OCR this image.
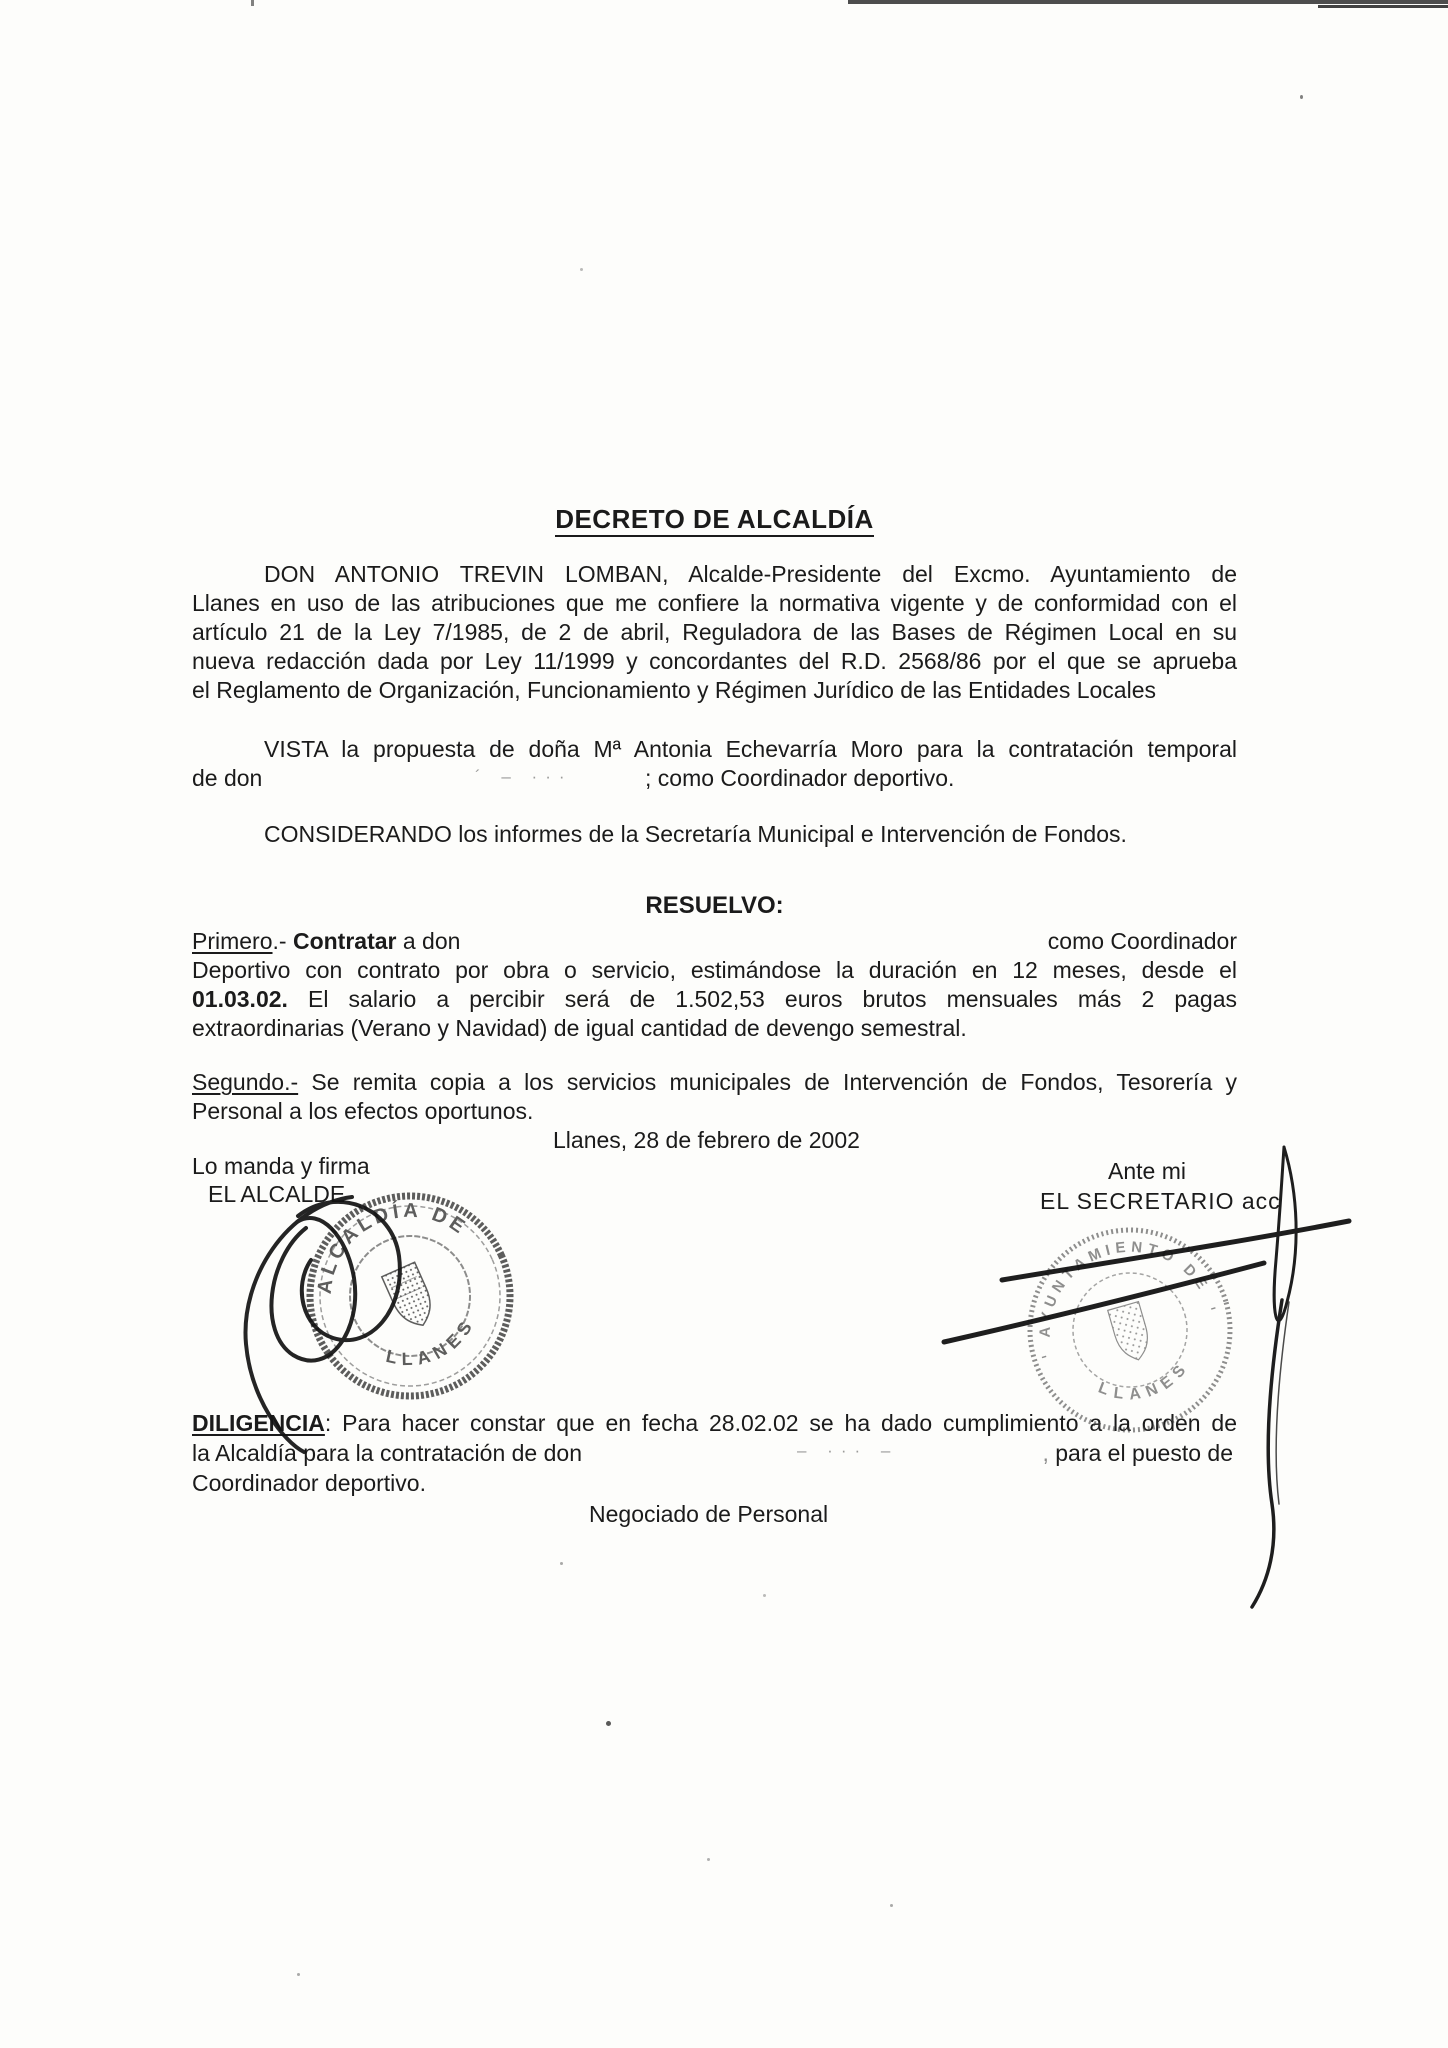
DECRETO DE ALCALDÍA
DON ANTONIO TREVIN LOMBAN, Alcalde-Presidente del Excmo. Ayuntamiento de
Llanes en uso de las atribuciones que me confiere la normativa vigente y de conformidad con el
artículo 21 de la Ley 7/1985, de 2 de abril, Reguladora de las Bases de Régimen Local en su
nueva redacción dada por Ley 11/1999 y concordantes del R.D. 2568/86 por el que se aprueba
el Reglamento de Organización, Funcionamiento y Régimen Jurídico de las Entidades Locales
VISTA la propuesta de doña Mª Antonia Echevarría Moro para la contratación temporal
de don	´ – ···	; como Coordinador deportivo.
CONSIDERANDO los informes de la Secretaría Municipal e Intervención de Fondos.
RESUELVO:
Primero.- Contratar a don	como Coordinador
Deportivo con contrato por obra o servicio, estimándose la duración en 12 meses, desde el
01.03.02. El salario a percibir será de 1.502,53 euros brutos mensuales más 2 pagas
extraordinarias (Verano y Navidad) de igual cantidad de devengo semestral.
Segundo.- Se remita copia a los servicios municipales de Intervención de Fondos, Tesorería y
Personal a los efectos oportunos.
Llanes, 28 de febrero de 2002
Lo manda y firma
EL ALCALDE
Ante mi
EL SECRETARIO acc
DILIGENCIA: Para hacer constar que en fecha 28.02.02 se ha dado cumplimiento a la orden de
la Alcaldía para la contratación de don	– ··· –	, para el puesto de
Coordinador deportivo.
Negociado de Personal
ALCALDÍA DE
LLANES	AYUNTAMIENTO DE
LLANES
-
-
